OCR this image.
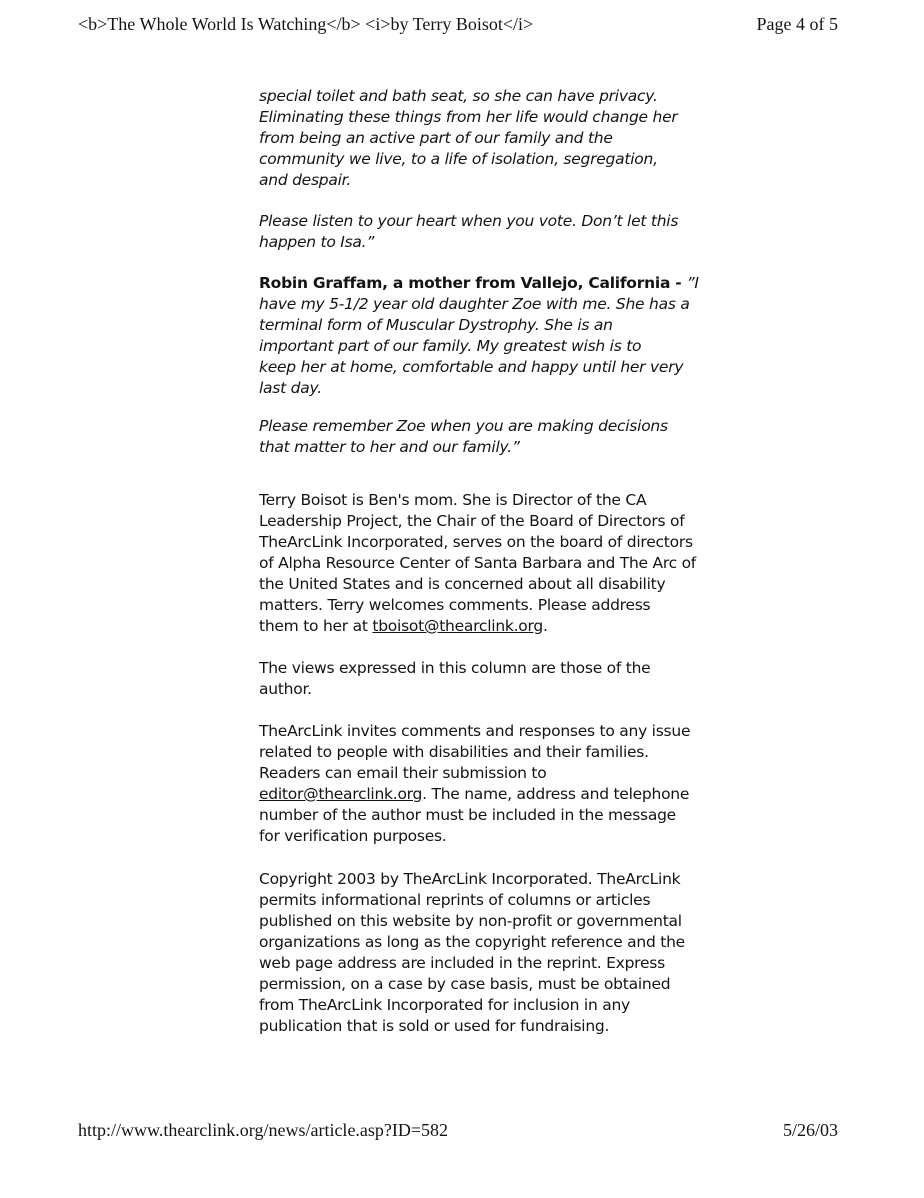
<b>The Whole World Is Watching</b> <i>by Terry Boisot</i>	Page 4 of 5
special toilet and bath seat, so she can have privacy.
Eliminating these things from her life would change her
from being an active part of our family and the
community we live, to a life of isolation, segregation,
and despair.
Please listen to your heart when you vote. Don’t let this
happen to Isa.”
Robin Graffam, a mother from Vallejo, California - ”I
have my 5-1/2 year old daughter Zoe with me. She has a
terminal form of Muscular Dystrophy. She is an
important part of our family. My greatest wish is to
keep her at home, comfortable and happy until her very
last day.
Please remember Zoe when you are making decisions
that matter to her and our family.”
Terry Boisot is Ben's mom. She is Director of the CA
Leadership Project, the Chair of the Board of Directors of
TheArcLink Incorporated, serves on the board of directors
of Alpha Resource Center of Santa Barbara and The Arc of
the United States and is concerned about all disability
matters. Terry welcomes comments. Please address
them to her at tboisot@thearclink.org.
The views expressed in this column are those of the
author.
TheArcLink invites comments and responses to any issue
related to people with disabilities and their families.
Readers can email their submission to
editor@thearclink.org. The name, address and telephone
number of the author must be included in the message
for verification purposes.
Copyright 2003 by TheArcLink Incorporated. TheArcLink
permits informational reprints of columns or articles
published on this website by non-profit or governmental
organizations as long as the copyright reference and the
web page address are included in the reprint. Express
permission, on a case by case basis, must be obtained
from TheArcLink Incorporated for inclusion in any
publication that is sold or used for fundraising.
http://www.thearclink.org/news/article.asp?ID=582	5/26/03
